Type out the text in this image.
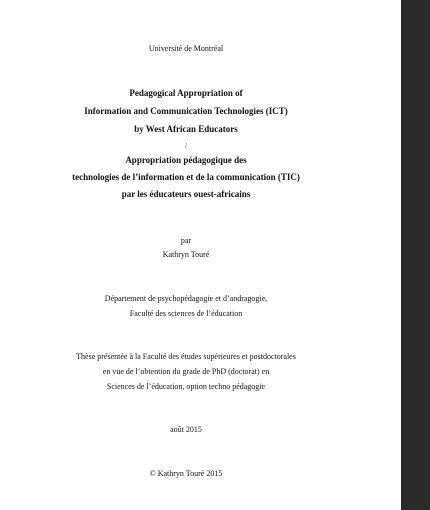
Université de Montréal
Pedagogical Appropriation of
Information and Communication Technologies (ICT)
by West African Educators
/
Appropriation pédagogique des
technologies de l’information et de la communication (TIC)
par les éducateurs ouest-africains
par
Kathryn Touré
Département de psychopédagogie et d’andragogie,
Faculté des sciences de l’éducation
Thèse présentée à la Faculté des études supérieures et postdoctorales
en vue de l’obtention du grade de PhD (doctorat) en
Sciences de l’éducation, option techno pédagogie
août 2015
© Kathryn Touré 2015
